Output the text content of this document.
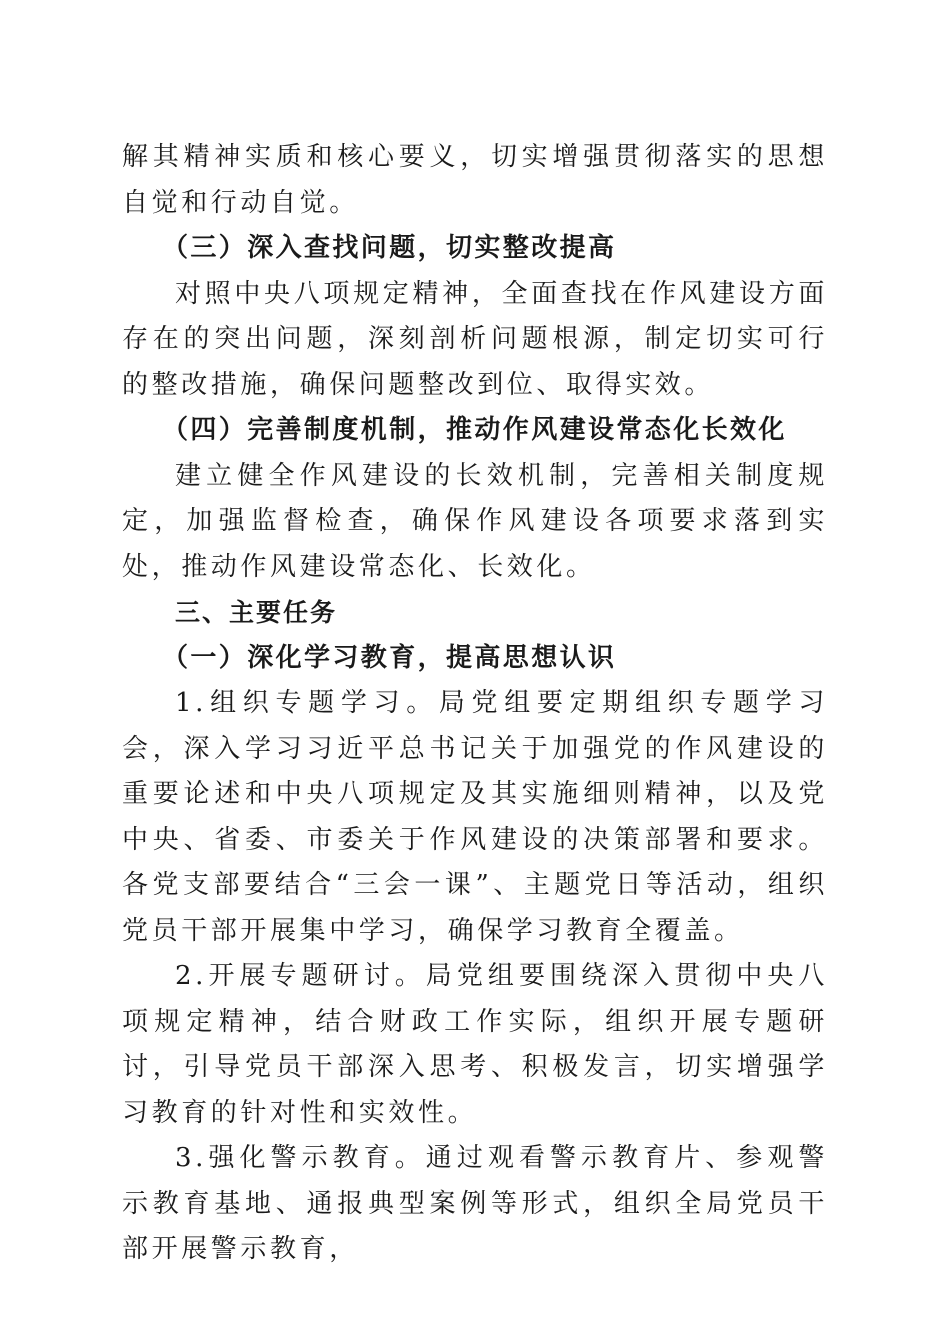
解其精神实质和核心要义，切实增强贯彻落实的思想自觉和行动自觉。

（三）深入查找问题，切实整改提高

对照中央八项规定精神，全面查找在作风建设方面存在的突出问题，深刻剖析问题根源，制定切实可行的整改措施，确保问题整改到位、取得实效。

（四）完善制度机制，推动作风建设常态化长效化

建立健全作风建设的长效机制，完善相关制度规定，加强监督检查，确保作风建设各项要求落到实处，推动作风建设常态化、长效化。

三、主要任务

（一）深化学习教育，提高思想认识

1.组织专题学习。局党组要定期组织专题学习会，深入学习习近平总书记关于加强党的作风建设的重要论述和中央八项规定及其实施细则精神，以及党中央、省委、市委关于作风建设的决策部署和要求。各党支部要结合“三会一课”、主题党日等活动，组织党员干部开展集中学习，确保学习教育全覆盖。

2.开展专题研讨。局党组要围绕深入贯彻中央八项规定精神，结合财政工作实际，组织开展专题研讨，引导党员干部深入思考、积极发言，切实增强学习教育的针对性和实效性。

3.强化警示教育。通过观看警示教育片、参观警示教育基地、通报典型案例等形式，组织全局党员干部开展警示教育，
